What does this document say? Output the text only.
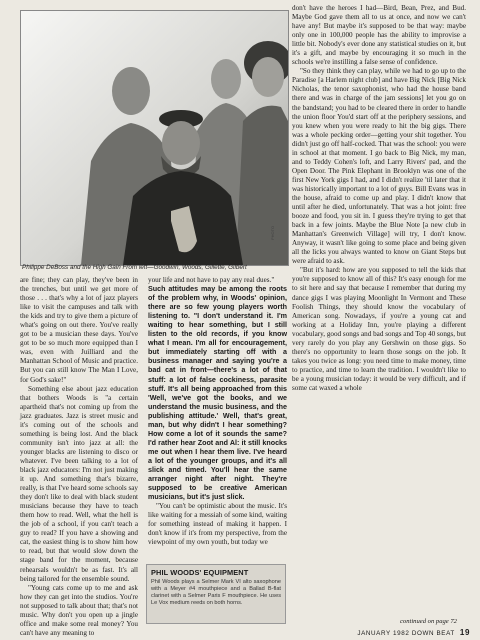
PHOTO
Philippe DeBoss and the High Gain From left—Goodwin, Woods, Gillette, Gilbert

don't have the heroes I had—Bird, Bean, Prez, and Bud. Maybe God gave them all to us at once, and now we can't have any! But maybe it's supposed to be that way: maybe only one in 100,000 people has the ability to improvise a little bit. Nobody's ever done any statistical studies on it, but it's a gift, and maybe by encouraging it so much in the schools we're instilling a false sense of confidence.

"So they think they can play, while we had to go up to the Paradise [a Harlem night club] and have Big Nick [Big Nick Nicholas, the tenor saxophonist, who had the house band there and was in charge of the jam sessions] let you go on the bandstand; you had to be cleared there in order to handle the union floor You'd start off at the periphery sessions, and you knew when you were ready to hit the big gigs. There was a whole pecking order—getting your shit together. You didn't just go off half-cocked. That was the school: you were in school at that moment. I go back to Big Nick, my man, and to Teddy Cohen's loft, and Larry Rivers' pad, and the Open Door. The Pink Elephant in Brooklyn was one of the first New York gigs I had, and I didn't realize 'til later that it was historically important to a lot of guys. Bill Evans was in the house, afraid to come up and play. I didn't know that until after he died, unfortunately. That was a hot joint: free booze and food, you sit in. I guess they're trying to get that back in a few joints. Maybe the Blue Note [a new club in Manhattan's Greenwich Village] will try, I don't know. Anyway, it wasn't like going to some place and being given all the licks you always wanted to know on Giant Steps but were afraid to ask.

"But it's hard: how are you supposed to tell the kids that you're supposed to know all of this? It's easy enough for me to sit here and say that because I remember that during my dance gigs I was playing Moonlight In Vermont and These Foolish Things, they should know the vocabulary of American song. Nowadays, if you're a young cat and working at a Holiday Inn, you're playing a different vocabulary, good songs and bad songs and Top 40 songs, but very rarely do you play any Gershwin on those gigs. So there's no opportunity to learn those songs on the job. It takes you twice as long: you need time to make money, time to practice, and time to learn the tradition. I wouldn't like to be a young musician today: it would be very difficult, and if some cat waxed a whole

are fine; they can play, they've been in the trenches, but until we get more of those . . . that's why a lot of jazz players like to visit the campuses and talk with the kids and try to give them a picture of what's going on out there. You've really got to be a musician these days. You've got to be so much more equipped than I was, even with Juilliard and the Manhattan School of Music and practice. But you can still know The Man I Love, for God's sake!"

Something else about jazz education that bothers Woods is "a certain apartheid that's not coming up from the jazz graduates. Jazz is street music and it's coming out of the schools and something is being lost. And the black community isn't into jazz at all: the younger blacks are listening to disco or whatever. I've been talking to a lot of black jazz educators: I'm not just making it up. And something that's bizarre, really, is that I've heard some schools say they don't like to deal with black student musicians because they have to teach them how to read. Well, what the hell is the job of a school, if you can't teach a guy to read? If you have a showing and cat, the easiest thing is to show him how to read, but that would slow down the stage band for the moment, because rehearsals wouldn't be as fast. It's all being tailored for the ensemble sound.

"Young cats come up to me and ask how they can get into the studios. You're not supposed to talk about that; that's not music. Why don't you open up a jingle office and make some real money? You can't have any meaning to

your life and not have to pay any real dues."

Such attitudes may be among the roots of the problem why, in Woods' opinion, there are so few young players worth listening to. "I don't understand it. I'm waiting to hear something, but I still listen to the old records, if you know what I mean. I'm all for encouragement, but immediately starting off with a business manager and saying you're a bad cat in front—there's a lot of that stuff: a lot of false cockiness, parasite stuff. It's all being approached from this 'Well, we've got the books, and we understand the music business, and the publishing attitude.' Well, that's great, man, but why didn't I hear something? How come a lot of it sounds the same? I'd rather hear Zoot and Al: it still knocks me out when I hear them live. I've heard a lot of the younger groups, and it's all slick and timed. You'll hear the same arranger night after night. They're supposed to be creative American musicians, but it's just slick.

"You can't be optimistic about the music. It's like waiting for a messiah of some kind, waiting for something instead of making it happen. I don't know if it's from my perspective, from the viewpoint of my own youth, but today we

PHIL WOODS' EQUIPMENT
Phil Woods plays a Selmer Mark VI alto saxophone with a Meyer #4 mouthpiece and a Ballad B-flat clarinet with a Selmer Paris F mouthpiece. He uses Le Vox medium reeds on both horns.
continued on page 72
JANUARY 1982 DOWN BEAT 19
